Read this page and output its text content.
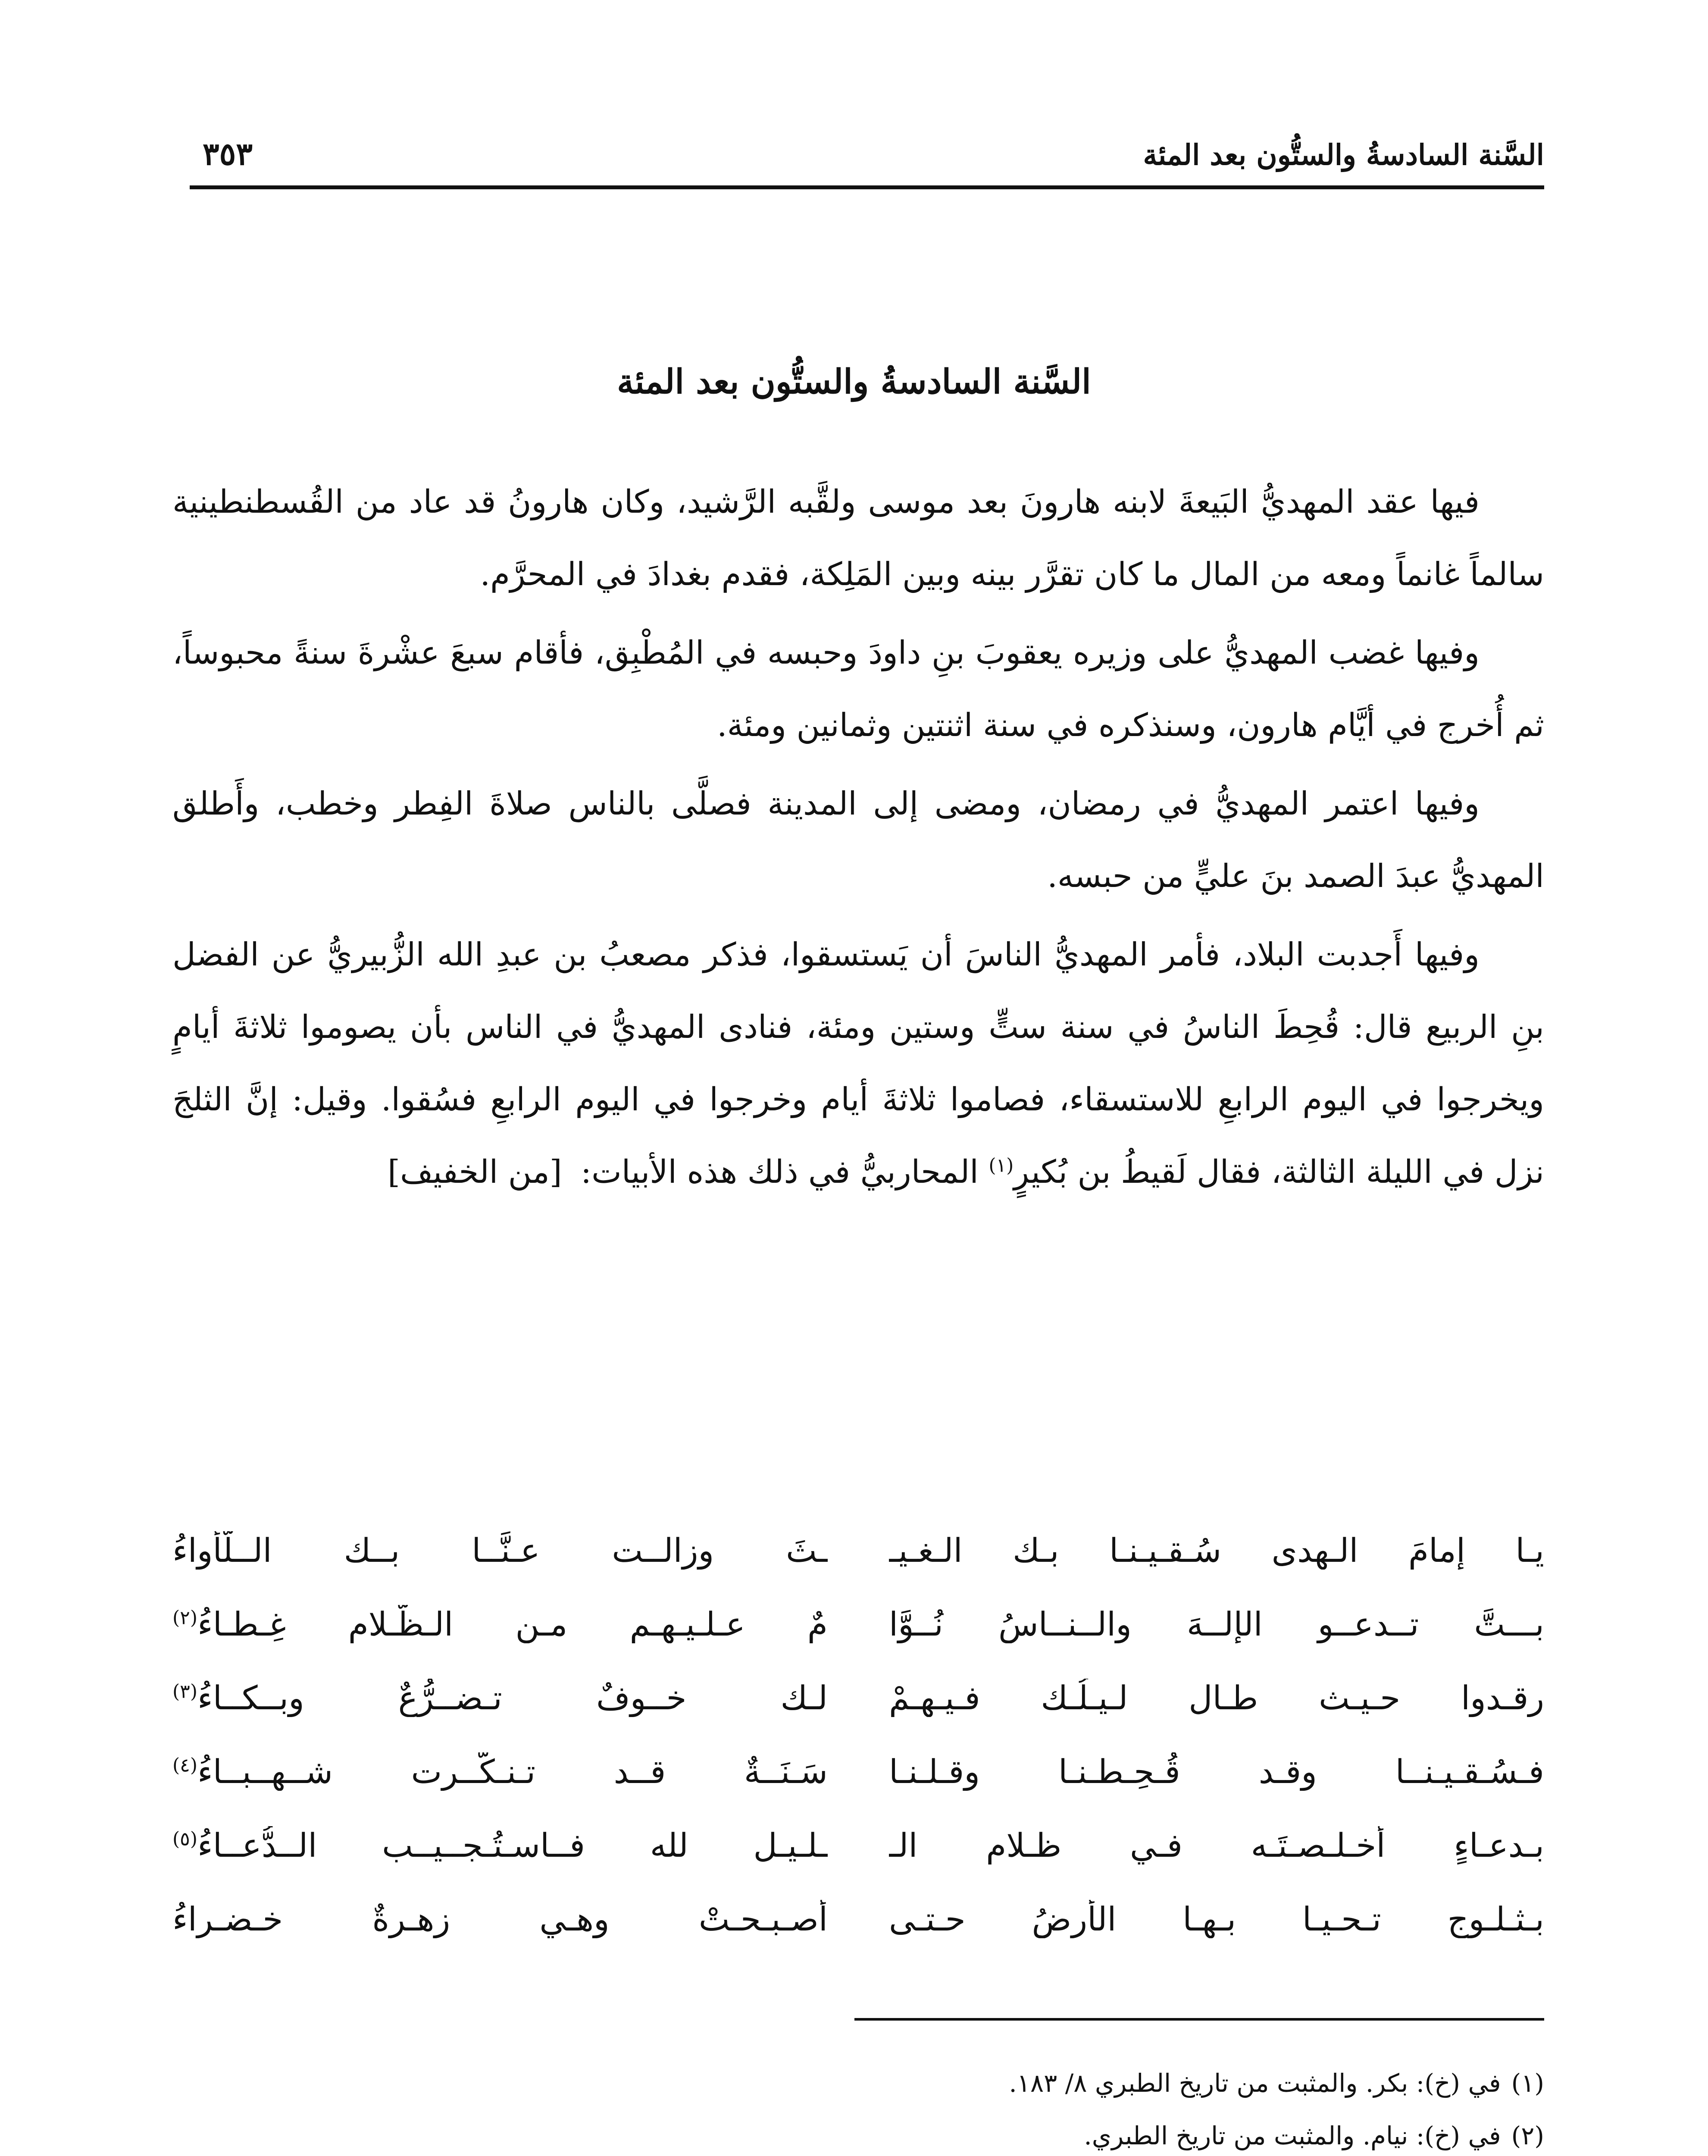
السَّنة السادسةُ والستُّون بعد المئة
٣٥٣
السَّنة السادسةُ والستُّون بعد المئة

فيها عقد المهديُّ البَيعةَ لابنه هارونَ بعد موسى ولقَّبه الرَّشيد، وكان هارونُ قد عاد من القُسطنطينية سالماً غانماً ومعه من المال ما كان تقرَّر بينه وبين المَلِكة، فقدم بغدادَ في المحرَّم.

وفيها غضب المهديُّ على وزيره يعقوبَ بنِ داودَ وحبسه في المُطْبِق، فأقام سبعَ عشْرةَ سنةً محبوساً، ثم أُخرج في أيَّام هارون، وسنذكره في سنة اثنتين وثمانين ومئة.

وفيها اعتمر المهديُّ في رمضان، ومضى إلى المدينة فصلَّى بالناس صلاةَ الفِطر وخطب، وأَطلق المهديُّ عبدَ الصمد بنَ عليٍّ من حبسه.

وفيها أَجدبت البلاد، فأمر المهديُّ الناسَ أن يَستسقوا، فذكر مصعبُ بن عبدِ الله الزُّبيريُّ عن الفضل بنِ الربيع قال: قُحِطَ الناسُ في سنة ستٍّ وستين ومئة، فنادى المهديُّ في الناس بأن يصوموا ثلاثةَ أيامٍ ويخرجوا في اليوم الرابعِ للاستسقاء، فصاموا ثلاثةَ أيام وخرجوا في اليوم الرابعِ فسُقوا. وقيل: إنَّ الثلجَ نزل في الليلة الثالثة، فقال لَقيطُ بن بُكيرٍ$^{(١)}$ المحاربيُّ في ذلك هذه الأبيات: [من الخفيف]

يـا إمامَ الـهدى سُـقـيـنـا بـك الـغـيـ
ـثَ وزالــت عـنَّــا بــك الــلَّأواءُ
بـــتَّ تــدعــو الإلــهَ والــنــاسُ نُــوَّا
مٌ عـلـيـهـم مـن الـظَّـلام غِـطـاءُ$^{(٢)}$
رقـدوا حـيـث طـال لـيـلُـك فـيـهـمْ
لـك خــوفٌ تـضــرُّعٌ وبــكــاءُ$^{(٣)}$
فـسُـقـيـنــا وقـد قُـحِـطـنـا وقـلـنـا
سَـنَــةٌ قــد تـنـكَّــرت شــهــبــاءُ$^{(٤)}$
بـدعـاءٍ أخـلـصـتَـه فـي ظـلام الـ
ـلـيـلِ لله فــاسـتُـجــيــب الــدُّعــاءُ$^{(٥)}$
بـثـلـوجٍ تـحـيـا بـهـا الأرضُ حـتـى
أصـبـحـتْ وهـي زهـرةٌ خـضـراءُ
(١)في (خ): بكر. والمثبت من تاريخ الطبري ٨/ ١٨٣.
(٢)في (خ): نيام. والمثبت من تاريخ الطبري.
